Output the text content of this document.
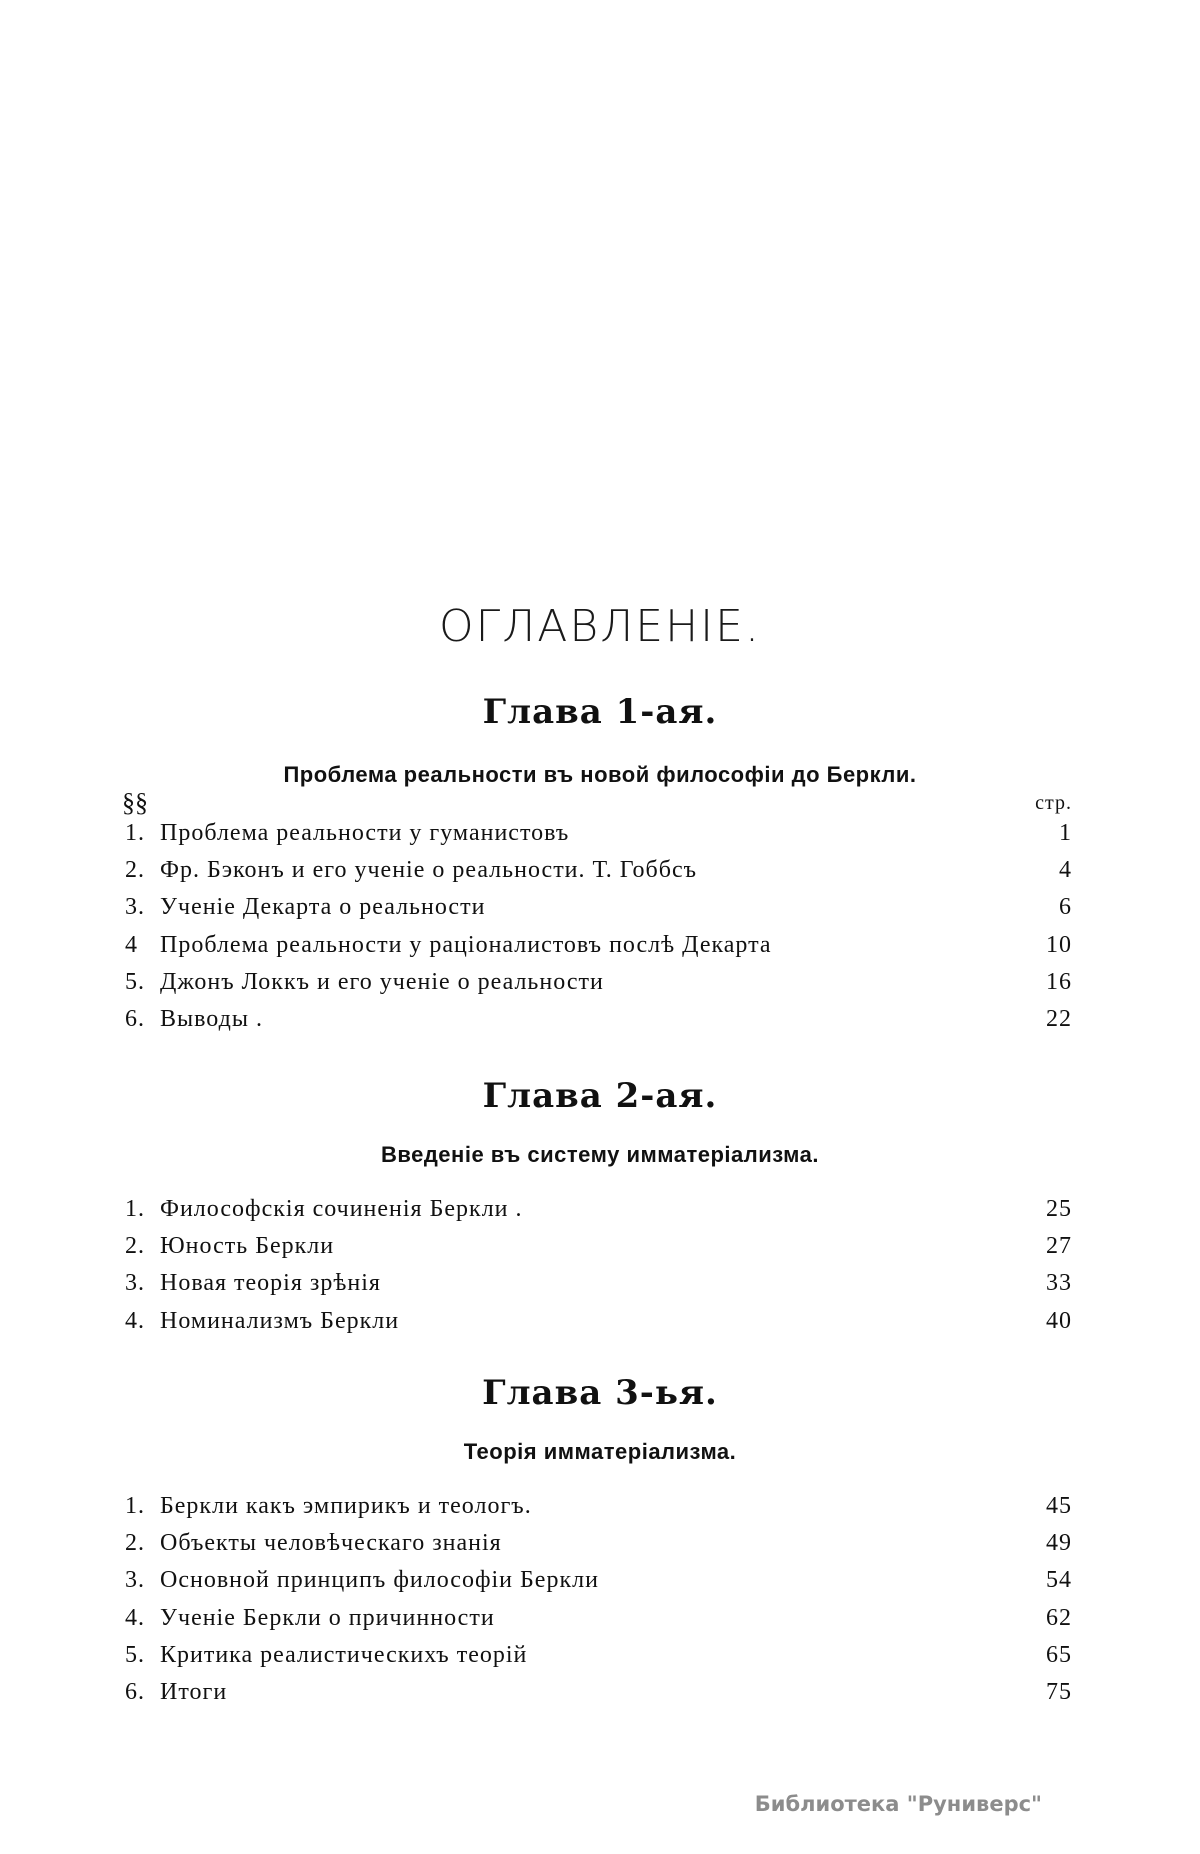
ОГЛАВЛЕНІЕ.
Глава 1-ая.
Проблема реальности въ новой философіи до Беркли.
§§	стр.
1. Проблема реальности у гуманистовъ	1
2. Фр. Бэконъ и его ученіе о реальности. Т. Гоббсъ	4
3. Ученіе Декарта о реальности	6
4 Проблема реальности у раціоналистовъ послѣ Декарта	10
5. Джонъ Локкъ и его ученіе о реальности	16
6. Выводы .	22
Глава 2-ая.
Введеніе въ систему имматеріализма.
1. Философскія сочиненія Беркли .	25
2. Юность Беркли	27
3. Новая теорія зрѣнія	33
4. Номинализмъ Беркли	40
Глава 3-ья.
Теорія имматеріализма.
1. Беркли какъ эмпирикъ и теологъ.	45
2. Объекты человѣческаго знанія	49
3. Основной принципъ философіи Беркли	54
4. Ученіе Беркли о причинности	62
5. Критика реалистическихъ теорій	65
6. Итоги	75
Библиотека "Руниверс"
